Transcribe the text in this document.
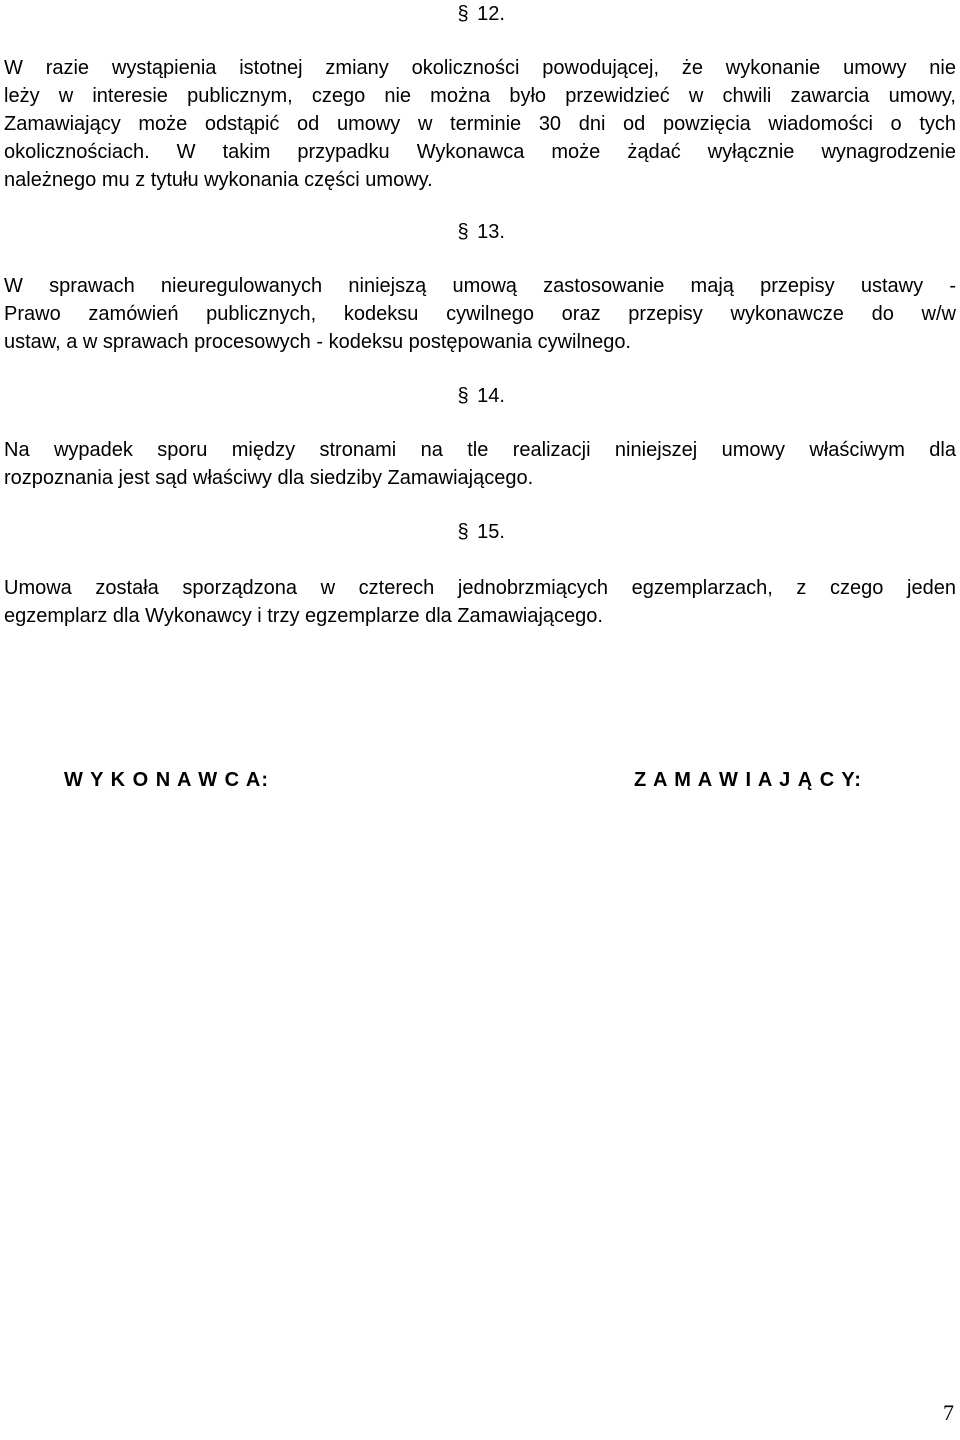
§ 12.
W razie wystąpienia istotnej zmiany okoliczności powodującej, że wykonanie umowy nie
leży w interesie publicznym, czego nie można było przewidzieć w chwili zawarcia umowy,
Zamawiający może odstąpić od umowy w terminie 30 dni od powzięcia wiadomości o tych
okolicznościach. W takim przypadku Wykonawca może żądać wyłącznie wynagrodzenie
należnego mu z tytułu wykonania części umowy.
§ 13.
W sprawach nieuregulowanych niniejszą umową zastosowanie mają przepisy ustawy -
Prawo zamówień publicznych, kodeksu cywilnego oraz przepisy wykonawcze do w/w
ustaw, a w sprawach procesowych - kodeksu postępowania cywilnego.
§ 14.
Na wypadek sporu między stronami na tle realizacji niniejszej umowy właściwym dla
rozpoznania jest sąd właściwy dla siedziby Zamawiającego.
§ 15.
Umowa została sporządzona w czterech jednobrzmiących egzemplarzach, z czego jeden
egzemplarz dla Wykonawcy i trzy egzemplarze dla Zamawiającego.
W Y K O N A W C A:	Z A M A W I A J Ą C Y:
7
